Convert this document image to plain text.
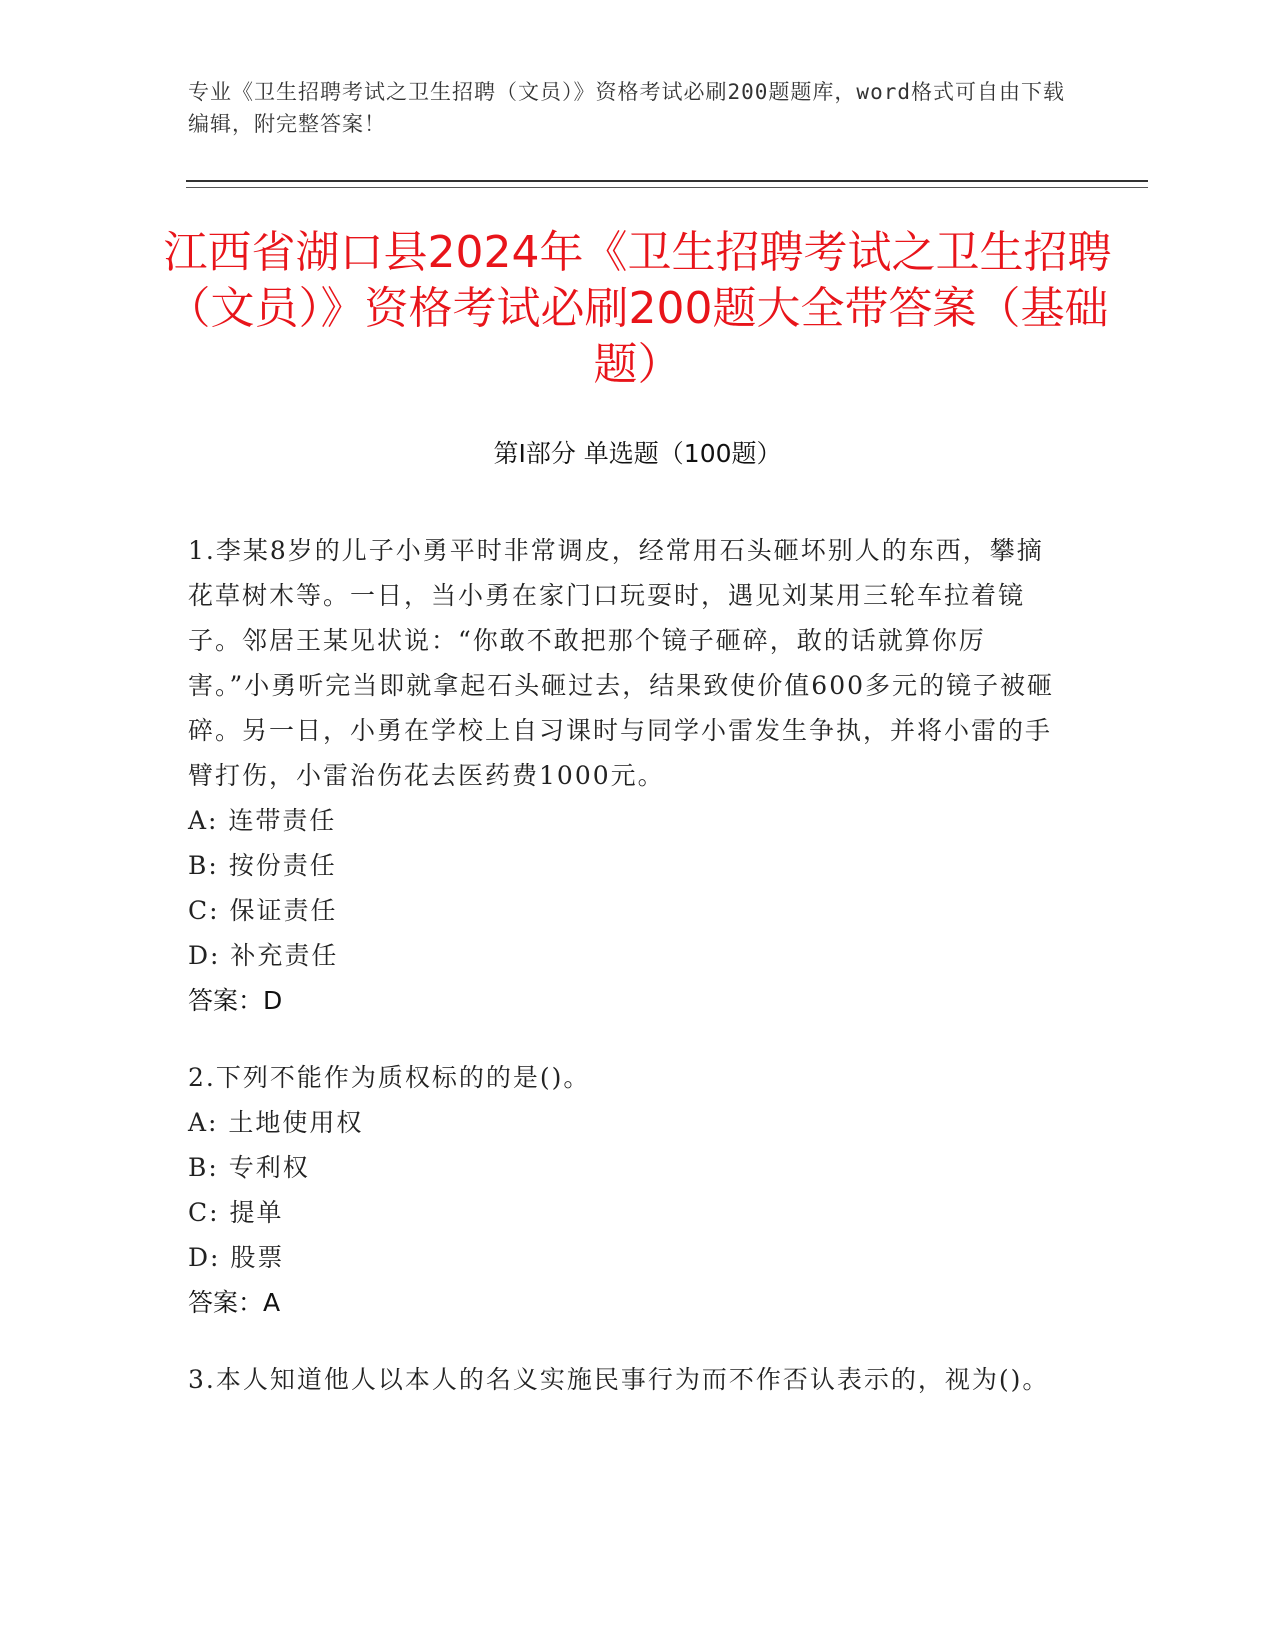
专业《卫生招聘考试之卫生招聘（文员）》资格考试必刷200题题库，word格式可自由下载编辑，附完整答案！
江西省湖口县2024年《卫生招聘考试之卫生招聘（文员）》资格考试必刷200题大全带答案（基础题）
第I部分 单选题（100题）
1.李某8岁的儿子小勇平时非常调皮，经常用石头砸坏别人的东西，攀摘花草树木等。一日，当小勇在家门口玩耍时，遇见刘某用三轮车拉着镜子。邻居王某见状说：“你敢不敢把那个镜子砸碎，敢的话就算你厉害。”小勇听完当即就拿起石头砸过去，结果致使价值600多元的镜子被砸碎。另一日，小勇在学校上自习课时与同学小雷发生争执，并将小雷的手臂打伤，小雷治伤花去医药费1000元。
A: 连带责任
B: 按份责任
C: 保证责任
D: 补充责任
答案：D
2.下列不能作为质权标的的是()。
A: 土地使用权
B: 专利权
C: 提单
D: 股票
答案：A
3.本人知道他人以本人的名义实施民事行为而不作否认表示的，视为()。
